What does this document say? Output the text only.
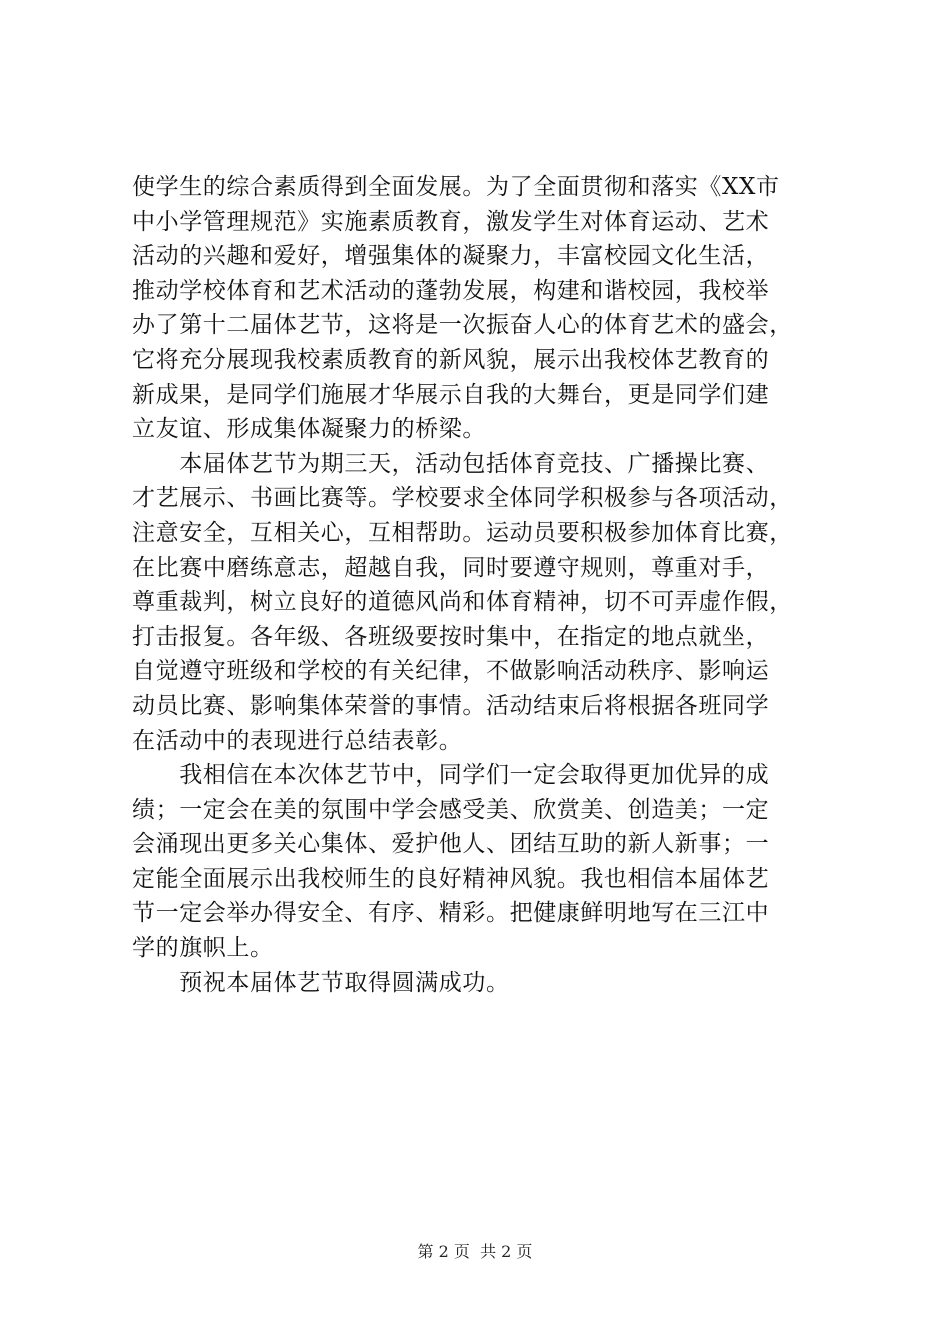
使学生的综合素质得到全面发展。为了全面贯彻和落实《XX市
中小学管理规范》实施素质教育，激发学生对体育运动、艺术
活动的兴趣和爱好，增强集体的凝聚力，丰富校园文化生活，
推动学校体育和艺术活动的蓬勃发展，构建和谐校园，我校举
办了第十二届体艺节，这将是一次振奋人心的体育艺术的盛会，
它将充分展现我校素质教育的新风貌，展示出我校体艺教育的
新成果，是同学们施展才华展示自我的大舞台，更是同学们建
立友谊、形成集体凝聚力的桥梁。
　　本届体艺节为期三天，活动包括体育竞技、广播操比赛、
才艺展示、书画比赛等。学校要求全体同学积极参与各项活动，
注意安全，互相关心，互相帮助。运动员要积极参加体育比赛，
在比赛中磨练意志，超越自我，同时要遵守规则，尊重对手，
尊重裁判，树立良好的道德风尚和体育精神，切不可弄虚作假，
打击报复。各年级、各班级要按时集中，在指定的地点就坐，
自觉遵守班级和学校的有关纪律，不做影响活动秩序、影响运
动员比赛、影响集体荣誉的事情。活动结束后将根据各班同学
在活动中的表现进行总结表彰。
　　我相信在本次体艺节中，同学们一定会取得更加优异的成
绩；一定会在美的氛围中学会感受美、欣赏美、创造美；一定
会涌现出更多关心集体、爱护他人、团结互助的新人新事；一
定能全面展示出我校师生的良好精神风貌。我也相信本届体艺
节一定会举办得安全、有序、精彩。把健康鲜明地写在三江中
学的旗帜上。
　　预祝本届体艺节取得圆满成功。
第 2 页  共 2 页
